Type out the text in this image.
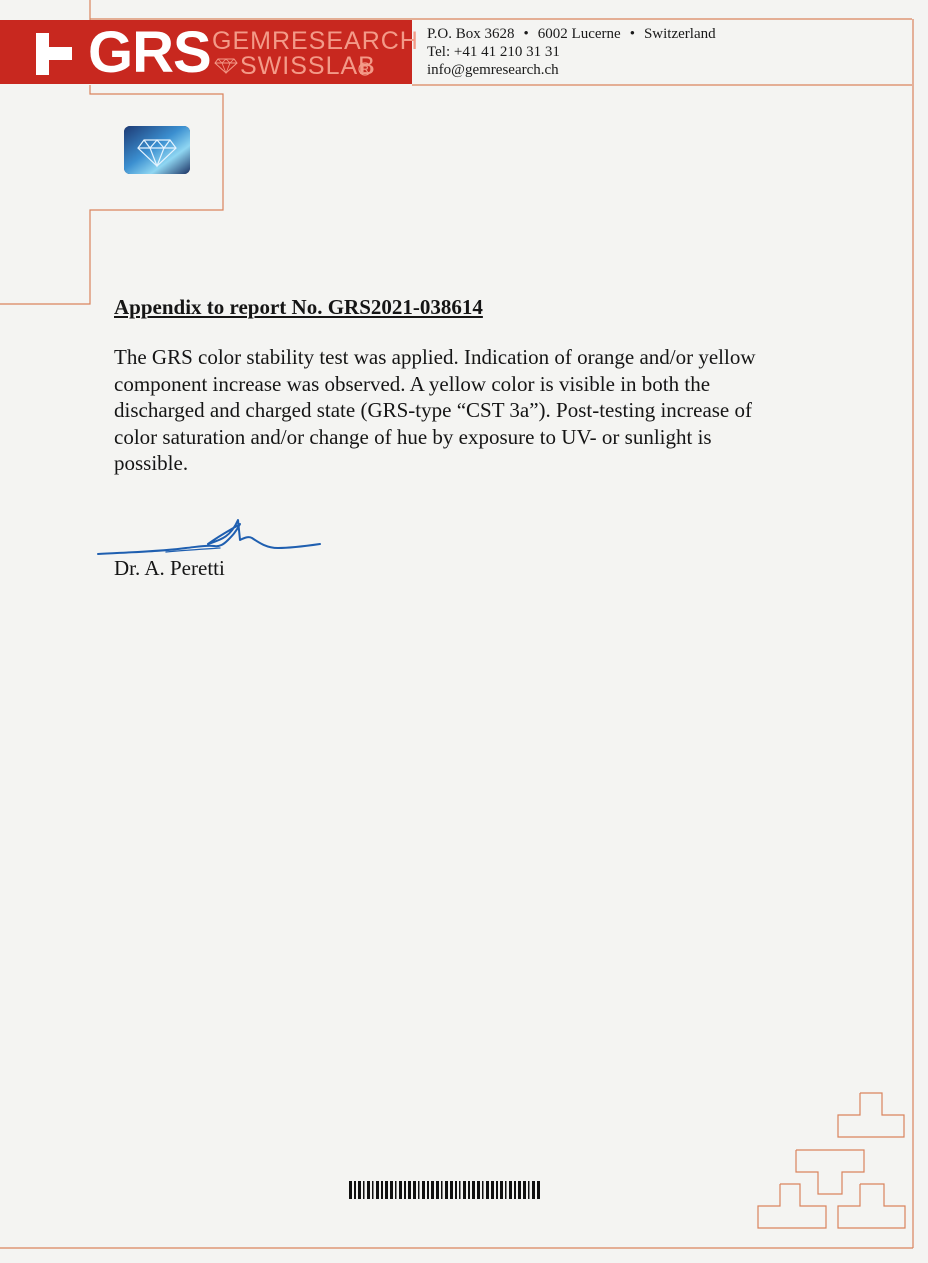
GRS GEMRESEARCH
SWISSLAB
P.O. Box 3628 • 6002 Lucerne • Switzerland
Tel: +41 41 210 31 31
info@gemresearch.ch
Appendix to report No. GRS2021-038614
The GRS color stability test was applied. Indication of orange and/or yellow
component increase was observed. A yellow color is visible in both the
discharged and charged state (GRS-type “CST 3a”). Post-testing increase of
color saturation and/or change of hue by exposure to UV- or sunlight is
possible.
Dr. A. Peretti
